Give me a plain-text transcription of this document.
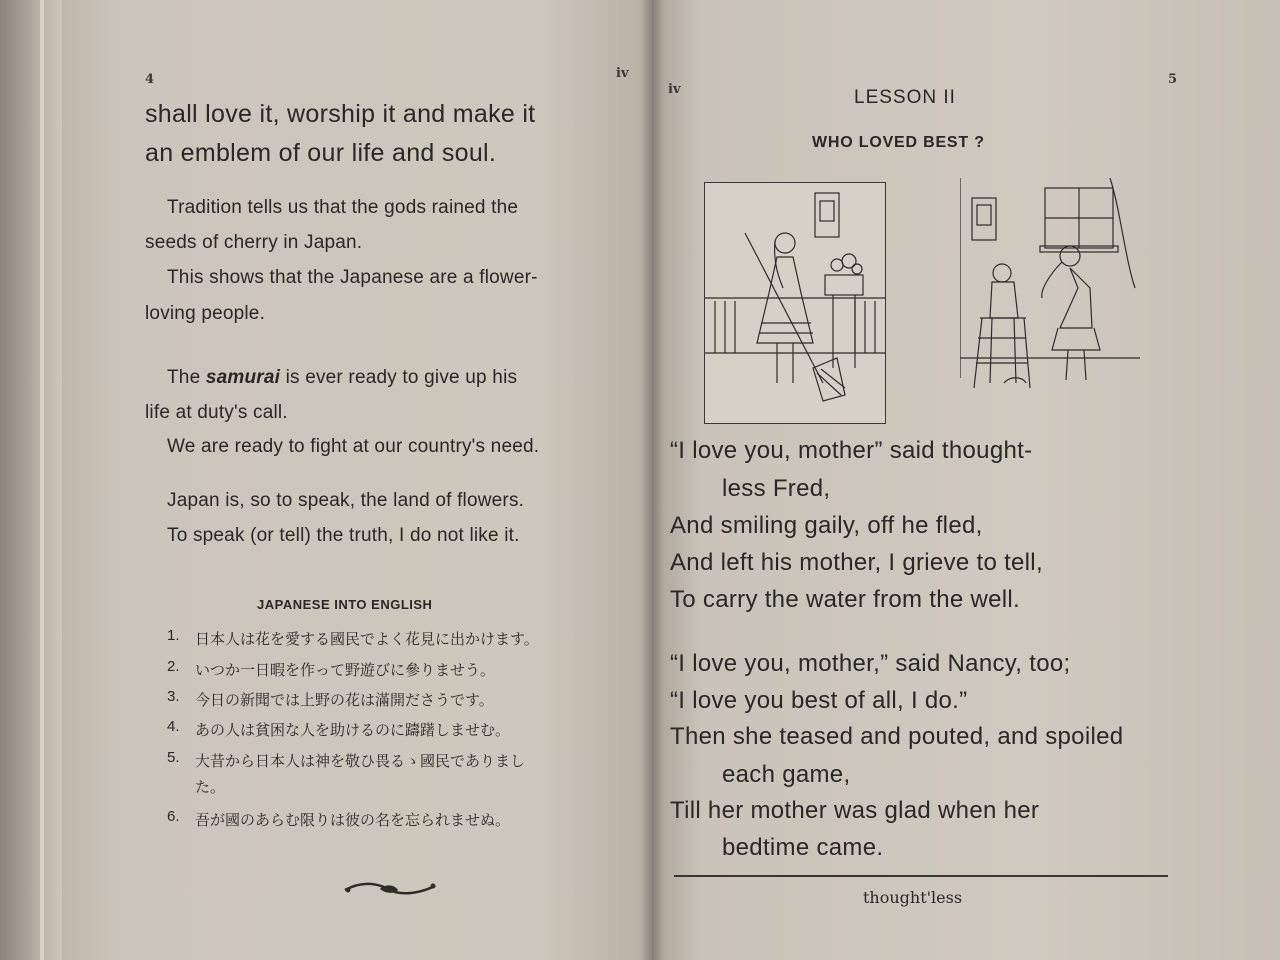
4	iv
shall love it, worship it and make it
an emblem of our life and soul.
Tradition tells us that the gods rained the
seeds of cherry in Japan.
This shows that the Japanese are a flower-
loving people.
The samurai is ever ready to give up his
life at duty's call.
We are ready to fight at our country's need.
Japan is, so to speak, the land of flowers.
To speak (or tell) the truth, I do not like it.
JAPANESE INTO ENGLISH
1. 日本人は花を愛する國民でよく花見に出かけます。
2. いつか一日暇を作って野遊びに參りませう。
3. 今日の新聞では上野の花は滿開ださうです。
4. あの人は貧困な人を助けるのに躊躇しませむ。
5. 大昔から日本人は神を敬ひ畏るゝ國民でありまし
た。
6. 吾が國のあらむ限りは彼の名を忘られませぬ。
iv
5
LESSON II
WHO LOVED BEST ?
“I love you, mother” said thought-
less Fred,
And smiling gaily, off he fled,
And left his mother, I grieve to tell,
To carry the water from the well.
“I love you, mother,” said Nancy, too;
“I love you best of all, I do.”
Then she teased and pouted, and spoiled
each game,
Till her mother was glad when her
bedtime came.
thought'less
